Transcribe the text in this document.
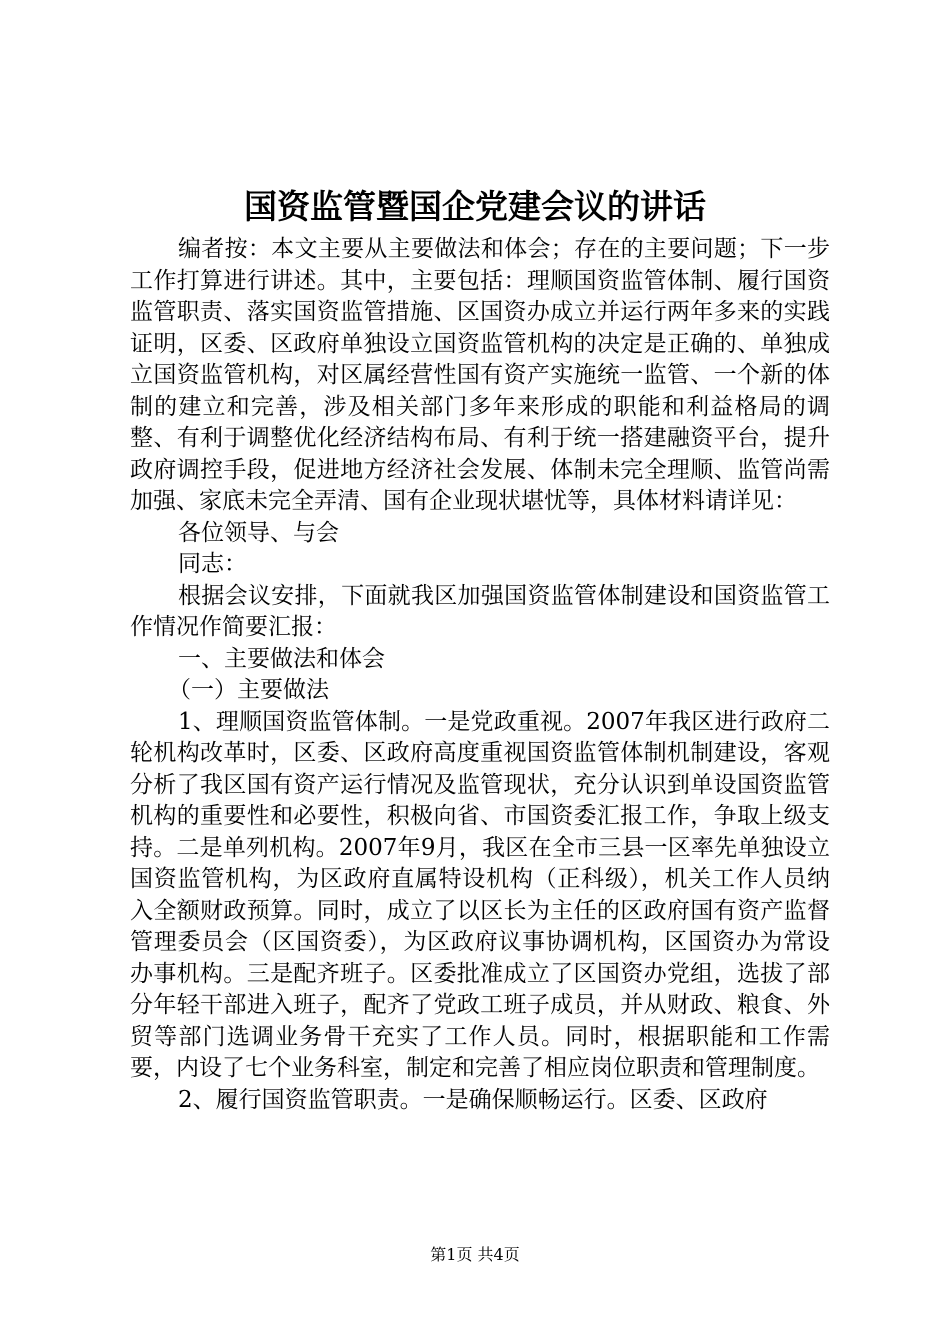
国资监管暨国企党建会议的讲话

编者按：本文主要从主要做法和体会；存在的主要问题；下一步工作打算进行讲述。其中，主要包括：理顺国资监管体制、履行国资监管职责、落实国资监管措施、区国资办成立并运行两年多来的实践证明，区委、区政府单独设立国资监管机构的决定是正确的、单独成立国资监管机构，对区属经营性国有资产实施统一监管、一个新的体制的建立和完善，涉及相关部门多年来形成的职能和利益格局的调整、有利于调整优化经济结构布局、有利于统一搭建融资平台，提升政府调控手段，促进地方经济社会发展、体制未完全理顺、监管尚需加强、家底未完全弄清、国有企业现状堪忧等，具体材料请详见：

各位领导、与会

同志：

根据会议安排，下面就我区加强国资监管体制建设和国资监管工作情况作简要汇报：

一、主要做法和体会

（一）主要做法

1、理顺国资监管体制。一是党政重视。2007年我区进行政府二轮机构改革时，区委、区政府高度重视国资监管体制机制建设，客观分析了我区国有资产运行情况及监管现状，充分认识到单设国资监管机构的重要性和必要性，积极向省、市国资委汇报工作，争取上级支持。二是单列机构。2007年9月，我区在全市三县一区率先单独设立国资监管机构，为区政府直属特设机构（正科级），机关工作人员纳入全额财政预算。同时，成立了以区长为主任的区政府国有资产监督管理委员会（区国资委），为区政府议事协调机构，区国资办为常设办事机构。三是配齐班子。区委批准成立了区国资办党组，选拔了部分年轻干部进入班子，配齐了党政工班子成员，并从财政、粮食、外贸等部门选调业务骨干充实了工作人员。同时，根据职能和工作需要，内设了七个业务科室，制定和完善了相应岗位职责和管理制度。

2、履行国资监管职责。一是确保顺畅运行。区委、区政府

第1页 共4页
